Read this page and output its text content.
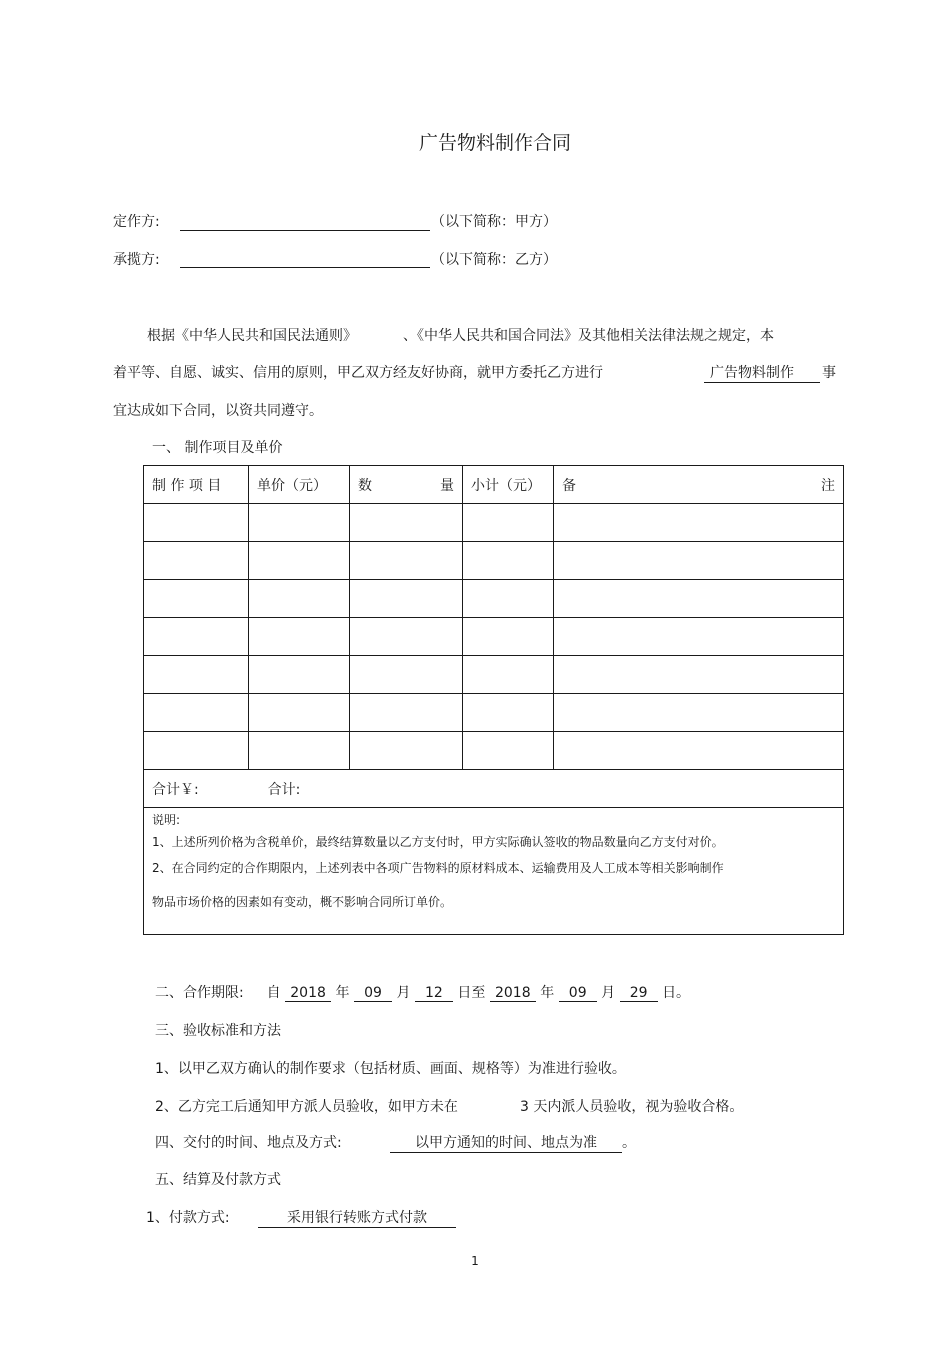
广告物料制作合同
定作方:	（以下简称：甲方）
承揽方:	（以下简称：乙方）
根据《中华人民共和国民法通则》	、《中华人民共和国合同法》及其他相关法律法规之规定，本
着平等、自愿、诚实、信用的原则，甲乙双方经友好协商，就甲方委托乙方进行	广告物料制作	事
宜达成如下合同，以资共同遵守。
一、 制作项目及单价
制 作 项 目	单价（元）	数 量	小计（元）	备 注

合计￥: 合计:				

说明:
1、上述所列价格为含税单价，最终结算数量以乙方支付时，甲方实际确认签收的物品数量向乙方支付对价。
2、在合同约定的合作期限内，上述列表中各项广告物料的原材料成本、运输费用及人工成本等相关影响制作
物品市场价格的因素如有变动，概不影响合同所订单价。				
二、合作期限: 自 2018 年 09 月 12 日至 2018 年 09 月 29 日。
三、验收标准和方法
1、以甲乙双方确认的制作要求（包括材质、画面、规格等）为准进行验收。
2、乙方完工后通知甲方派人员验收，如甲方未在	3 天内派人员验收，视为验收合格。
四、交付的时间、地点及方式:	以甲方通知的时间、地点为准 。
五、结算及付款方式
1、付款方式:	采用银行转账方式付款
1
